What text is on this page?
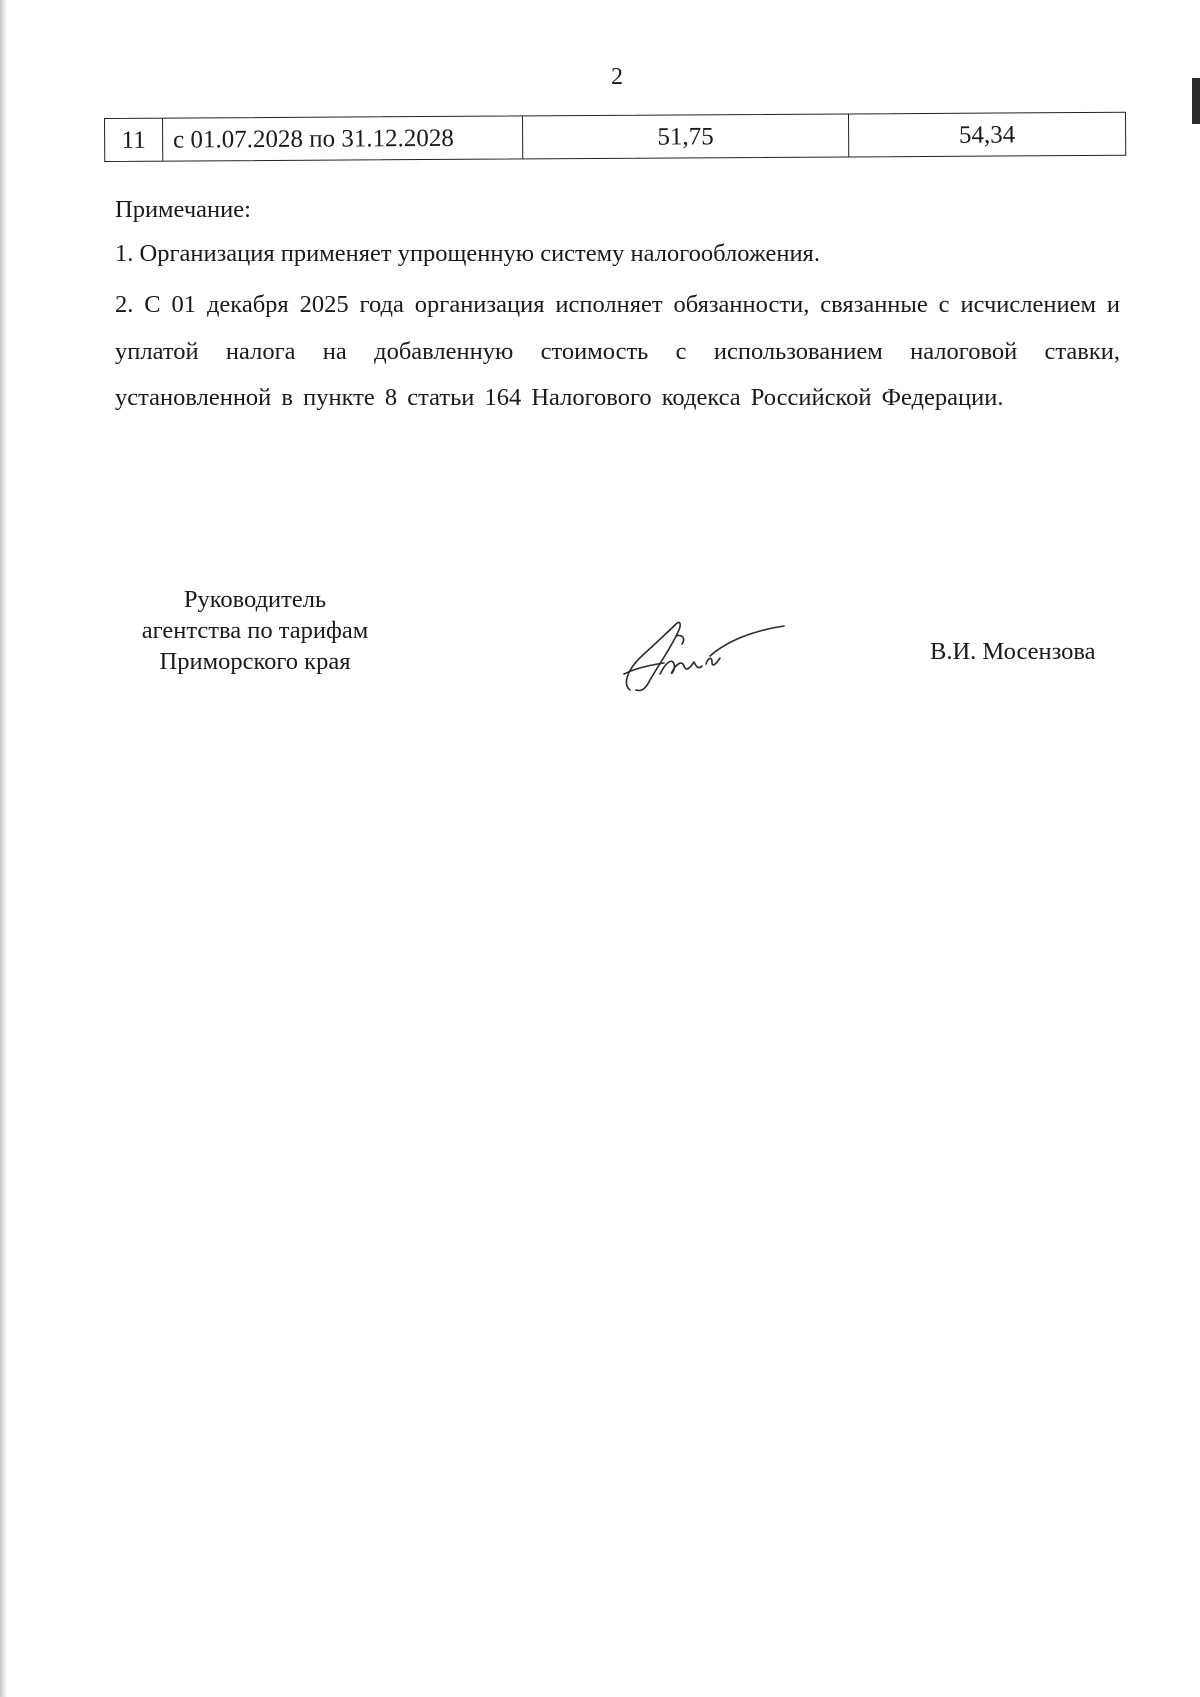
2
11	с 01.07.2028 по 31.12.2028	51,75	54,34
Примечание:
1. Организация применяет упрощенную систему налогообложения.
2. С 01 декабря 2025 года организация исполняет обязанности, связанные с исчислением и уплатой налога на добавленную стоимость с использованием налоговой ставки, установленной в пункте 8 статьи 164 Налогового кодекса Российской Федерации.
Руководитель
агентства по тарифам
Приморского края	В.И. Мосензова
